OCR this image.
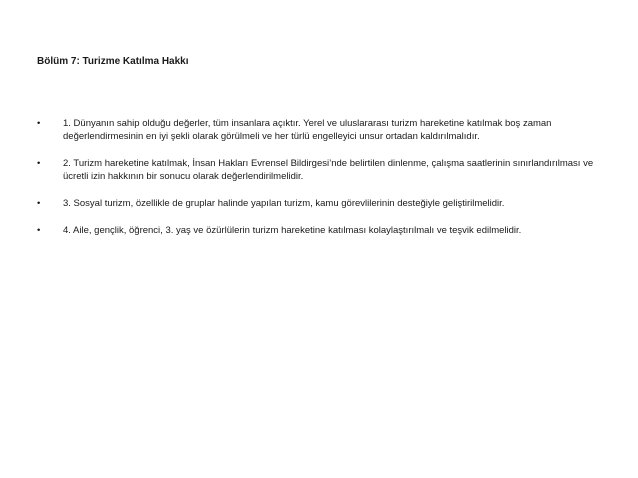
Bölüm 7: Turizme Katılma Hakkı
• 1. Dünyanın sahip olduğu değerler, tüm insanlara açıktır. Yerel ve uluslararası turizm hareketine katılmak boş zaman değerlendirmesinin en iyi şekli olarak görülmeli ve her türlü engelleyici unsur ortadan kaldırılmalıdır.
• 2. Turizm hareketine katılmak, İnsan Hakları Evrensel Bildirgesi’nde belirtilen dinlenme, çalışma saatlerinin sınırlandırılması ve ücretli izin hakkının bir sonucu olarak değerlendirilmelidir.
• 3. Sosyal turizm, özellikle de gruplar halinde yapılan turizm, kamu görevlilerinin desteğiyle geliştirilmelidir.
• 4. Aile, gençlik, öğrenci, 3. yaş ve özürlülerin turizm hareketine katılması kolaylaştırılmalı ve teşvik edilmelidir.
